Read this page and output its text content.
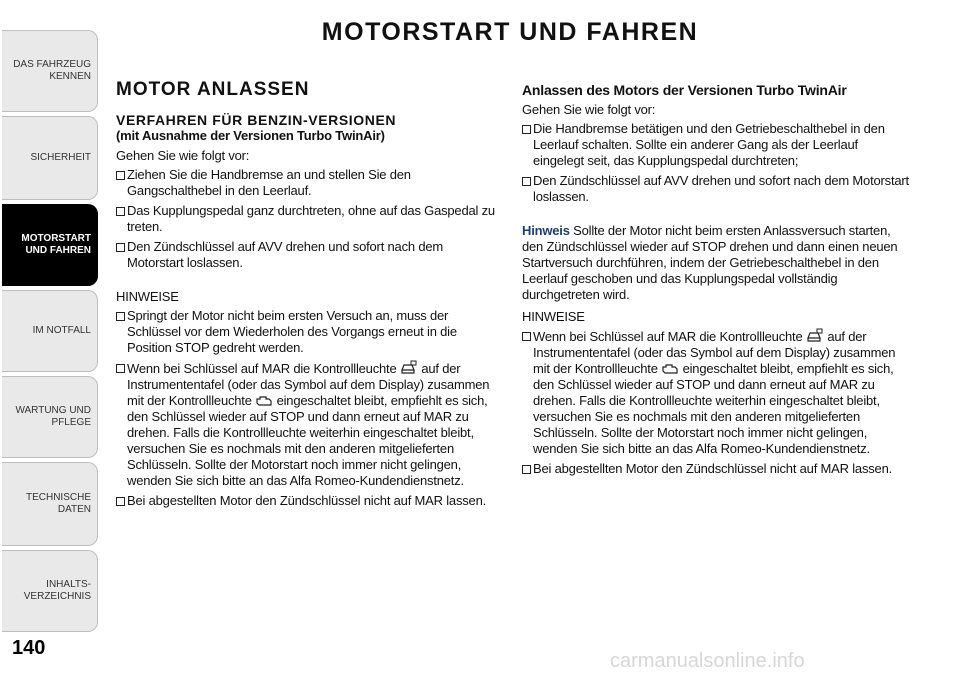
DAS FAHRZEUG KENNEN
SICHERHEIT
MOTORSTART UND FAHREN
IM NOTFALL
WARTUNG UND PFLEGE
TECHNISCHE DATEN
INHALTS- VERZEICHNIS
140
MOTORSTART UND FAHREN
MOTOR ANLASSEN
VERFAHREN FÜR BENZIN-VERSIONEN

(mit Ausnahme der Versionen Turbo TwinAir)

Gehen Sie wie folgt vor:

Ziehen Sie die Handbremse an und stellen Sie den Gangschalthebel in den Leerlauf.
Das Kupplungspedal ganz durchtreten, ohne auf das Gaspedal zu treten.
Den Zündschlüssel auf AVV drehen und sofort nach dem Motorstart loslassen.

HINWEISE

Springt der Motor nicht beim ersten Versuch an, muss der Schlüssel vor dem Wiederholen des Vorgangs erneut in die Position STOP gedreht werden.
Wenn bei Schlüssel auf MAR die Kontrollleuchte auf der Instrumententafel (oder das Symbol auf dem Display) zusammen mit der Kontrollleuchte eingeschaltet bleibt, empfiehlt es sich, den Schlüssel wieder auf STOP und dann erneut auf MAR zu drehen. Falls die Kontrollleuchte weiterhin eingeschaltet bleibt, versuchen Sie es nochmals mit den anderen mitgelieferten Schlüsseln. Sollte der Motorstart noch immer nicht gelingen, wenden Sie sich bitte an das Alfa Romeo-Kundendienstnetz.
Bei abgestellten Motor den Zündschlüssel nicht auf MAR lassen.

Anlassen des Motors der Versionen Turbo TwinAir

Gehen Sie wie folgt vor:

Die Handbremse betätigen und den Getriebeschalthebel in den Leerlauf schalten. Sollte ein anderer Gang als der Leerlauf eingelegt seit, das Kupplungspedal durchtreten;
Den Zündschlüssel auf AVV drehen und sofort nach dem Motorstart loslassen.

Hinweis Sollte der Motor nicht beim ersten Anlassversuch starten, den Zündschlüssel wieder auf STOP drehen und dann einen neuen Startversuch durchführen, indem der Getriebeschalthebel in den Leerlauf geschoben und das Kupplungspedal vollständig durchgetreten wird.

HINWEISE

Wenn bei Schlüssel auf MAR die Kontrollleuchte auf der Instrumententafel (oder das Symbol auf dem Display) zusammen mit der Kontrollleuchte eingeschaltet bleibt, empfiehlt es sich, den Schlüssel wieder auf STOP und dann erneut auf MAR zu drehen. Falls die Kontrollleuchte weiterhin eingeschaltet bleibt, versuchen Sie es nochmals mit den anderen mitgelieferten Schlüsseln. Sollte der Motorstart noch immer nicht gelingen, wenden Sie sich bitte an das Alfa Romeo-Kundendienstnetz.
Bei abgestellten Motor den Zündschlüssel nicht auf MAR lassen.
carmanualsonline.info
